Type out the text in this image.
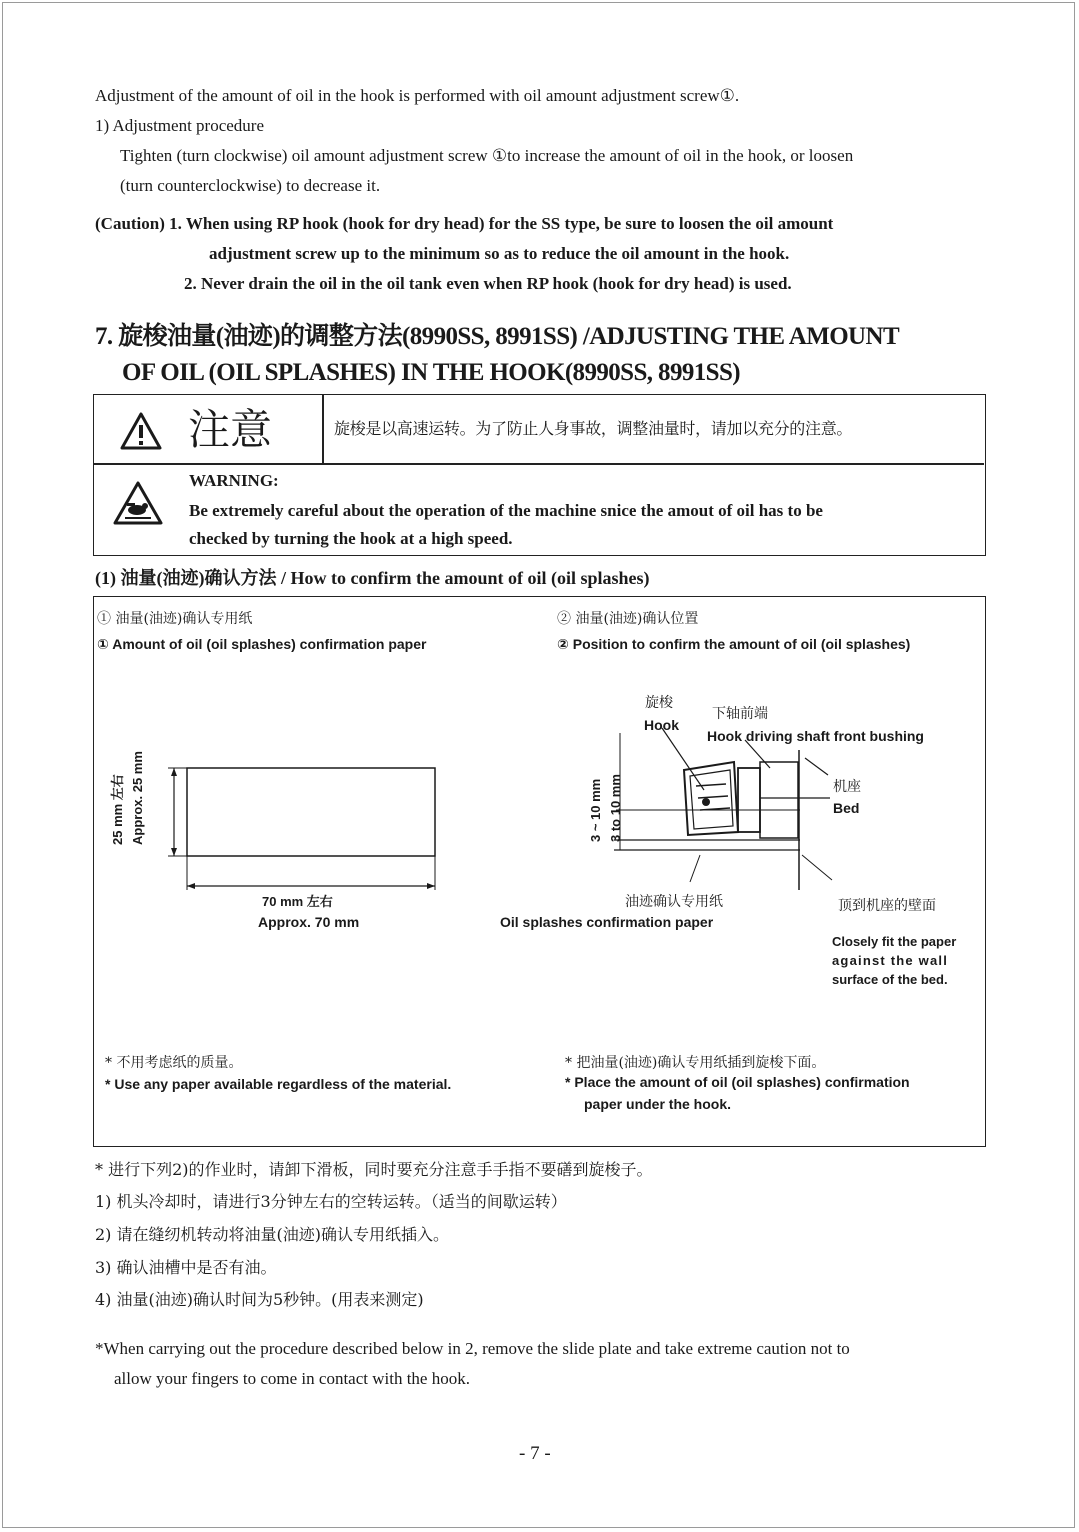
Adjustment of the amount of oil in the hook is performed with oil amount adjustment screw①.
1) Adjustment procedure
Tighten (turn clockwise) oil amount adjustment screw ①to increase the amount of oil in the hook, or loosen
(turn counterclockwise) to decrease it.
(Caution) 1. When using RP hook (hook for dry head) for the SS type, be sure to loosen the oil amount
adjustment screw up to the minimum so as to reduce the oil amount in the hook.
2. Never drain the oil in the oil tank even when RP hook (hook for dry head) is used.
7. 旋梭油量(油迹)的调整方法(8990SS, 8991SS) /ADJUSTING THE AMOUNT
OF OIL (OIL SPLASHES) IN THE HOOK(8990SS, 8991SS)
注意	旋梭是以高速运转。为了防止人身事故，调整油量时，请加以充分的注意。
WARNING:
Be extremely careful about the operation of the machine snice the amout of oil has to be
checked by turning the hook at a high speed.
(1) 油量(油迹)确认方法 / How to confirm the amount of oil (oil splashes)
① 油量(油迹)确认专用纸
① Amount of oil (oil splashes) confirmation paper
② 油量(油迹)确认位置
② Position to confirm the amount of oil (oil splashes)
25 mm 左右 Approx. 25 mm
70 mm 左右
Approx. 70 mm
旋梭
Hook
下轴前端
Hook driving shaft front bushing
机座
Bed
3 ~ 10 mm 3 to 10 mm
油迹确认专用纸
Oil splashes confirmation paper
顶到机座的壁面
Closely fit the paper
against the wall
surface of the bed.
* 不用考虑纸的质量。
* Use any paper available regardless of the material.
* 把油量(油迹)确认专用纸插到旋梭下面。
* Place the amount of oil (oil splashes) confirmation
paper under the hook.
* 进行下列2)的作业时，请卸下滑板，同时要充分注意手手指不要磰到旋梭子。
1) 机头冷却时，请进行3分钟左右的空转运转。（适当的间歇运转）
2) 请在缝纫机转动将油量(油迹)确认专用纸插入。
3) 确认油槽中是否有油。
4) 油量(油迹)确认时间为5秒钟。(用表来测定)
*When carrying out the procedure described below in 2, remove the slide plate and take extreme caution not to
allow your fingers to come in contact with the hook.
- 7 -
